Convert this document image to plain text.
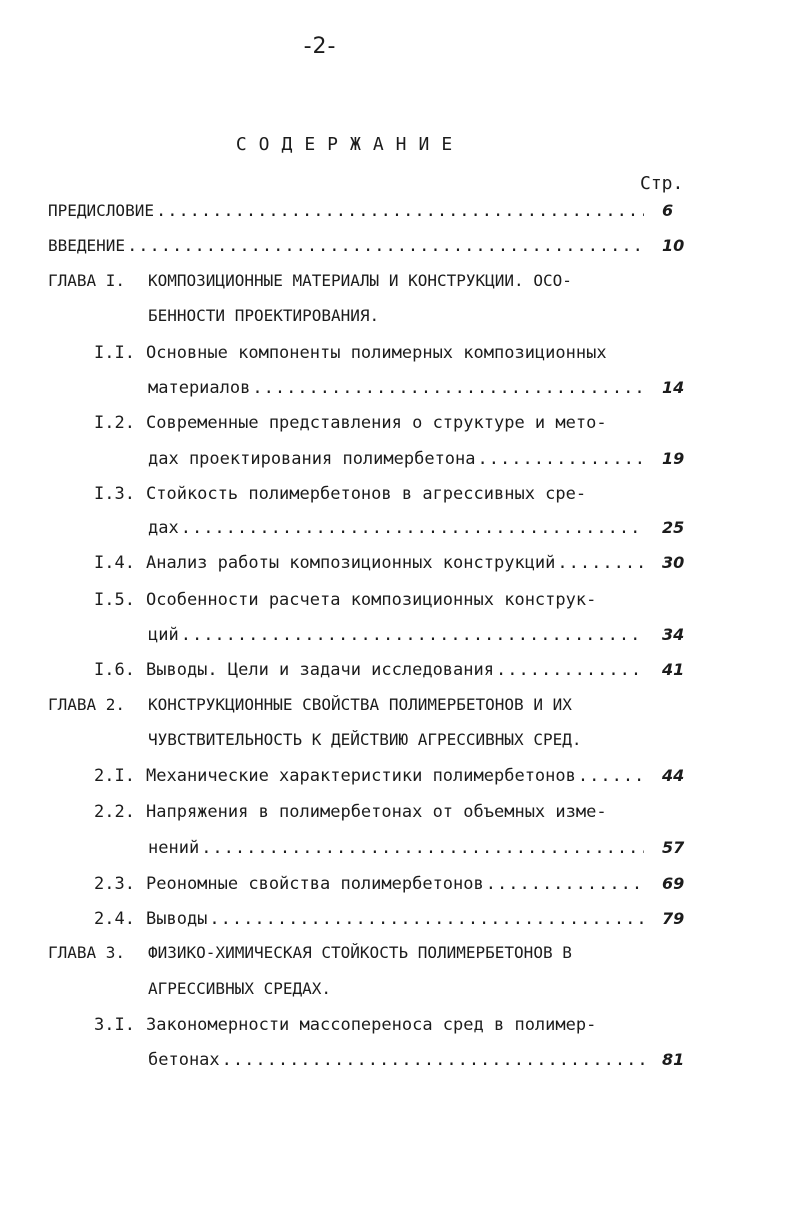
-2-
СОДЕРЖАНИЕ
Стр.
ПРЕДИСЛОВИЕ .....	6
ВВЕДЕНИЕ .....	10
ГЛАВА I.	КОМПОЗИЦИОННЫЕ МАТЕРИАЛЫ И КОНСТРУКЦИИ. ОСО-
БЕННОСТИ ПРОЕКТИРОВАНИЯ.
I.I. Основные компоненты полимерных композиционных
материалов .....	14
I.2. Современные представления о структуре и мето-
дах проектирования полимербетона .....	19
I.3. Стойкость полимербетонов в агрессивных сре-
дах .....	25
I.4. Анализ работы композиционных конструкций .....	30
I.5. Особенности расчета композиционных конструк-
ций .....	34
I.6. Выводы. Цели и задачи исследования .....	41
ГЛАВА 2.	КОНСТРУКЦИОННЫЕ СВОЙСТВА ПОЛИМЕРБЕТОНОВ И ИХ
ЧУВСТВИТЕЛЬНОСТЬ К ДЕЙСТВИЮ АГРЕССИВНЫХ СРЕД.
2.I. Механические характеристики полимербетонов .....	44
2.2. Напряжения в полимербетонах от объемных изме-
нений .....	57
2.3. Реономные свойства полимербетонов .....	69
2.4. Выводы .....	79
ГЛАВА 3.	ФИЗИКО-ХИМИЧЕСКАЯ СТОЙКОСТЬ ПОЛИМЕРБЕТОНОВ В
АГРЕССИВНЫХ СРЕДАХ.
3.I. Закономерности массопереноса сред в полимер-
бетонах .....	81
